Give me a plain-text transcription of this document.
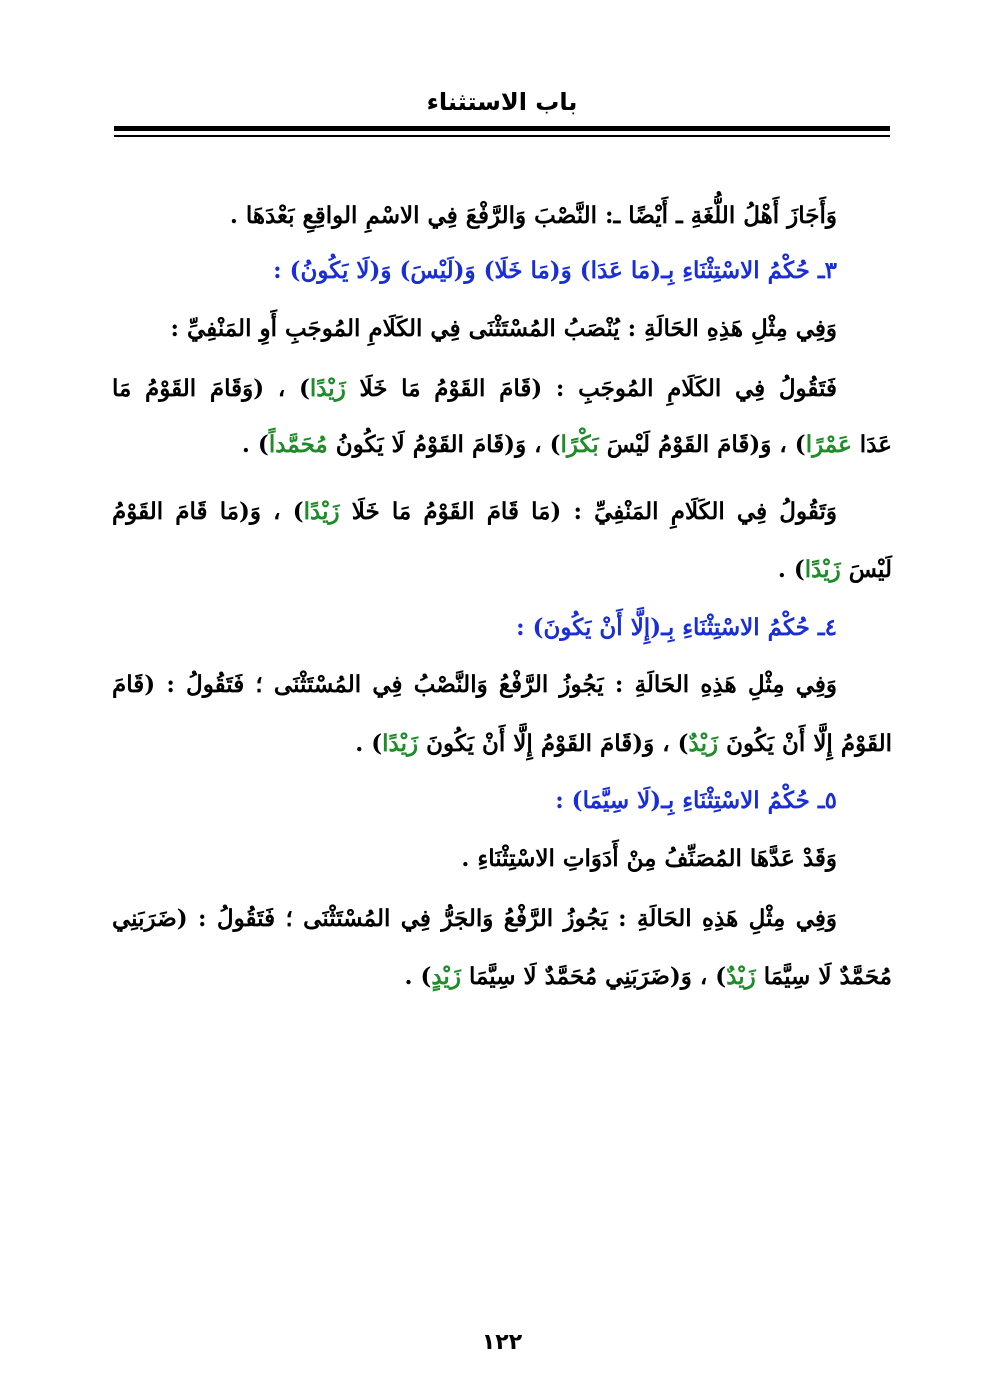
باب الاستثناء
وَأَجَازَ أَهْلُ اللُّغَةِ ـ أَيْضًا ـ: النَّصْبَ وَالرَّفْعَ فِي الاسْمِ الواقِعِ بَعْدَهَا .
٣ـ حُكْمُ الاسْتِثْنَاءِ بِـ(مَا عَدَا) وَ(مَا خَلَا) وَ(لَيْسَ) وَ(لَا يَكُونُ) :
وَفِي مِثْلِ هَذِهِ الحَالَةِ : يُنْصَبُ المُسْتَثْنَى فِي الكَلَامِ المُوجَبِ أَوِ المَنْفِيِّ :
فَتَقُولُ فِي الكَلَامِ المُوجَبِ : (قَامَ القَوْمُ مَا خَلَا زَيْدًا) ، (وَقَامَ القَوْمُ مَا
عَدَا عَمْرًا) ، وَ(قَامَ القَوْمُ لَيْسَ بَكْرًا) ، وَ(قَامَ القَوْمُ لَا يَكُونُ مُحَمَّداً) .
وَتَقُولُ فِي الكَلَامِ المَنْفِيِّ : (مَا قَامَ القَوْمُ مَا خَلَا زَيْدًا) ، وَ(مَا قَامَ القَوْمُ
لَيْسَ زَيْدًا) .
٤ـ حُكْمُ الاسْتِثْنَاءِ بِـ(إِلَّا أَنْ يَكُونَ) :
وَفِي مِثْلِ هَذِهِ الحَالَةِ : يَجُوزُ الرَّفْعُ وَالنَّصْبُ فِي المُسْتَثْنَى ؛ فَتَقُولُ : (قَامَ
القَوْمُ إِلَّا أَنْ يَكُونَ زَيْدٌ) ، وَ(قَامَ القَوْمُ إِلَّا أَنْ يَكُونَ زَيْدًا) .
٥ـ حُكْمُ الاسْتِثْنَاءِ بِـ(لَا سِيَّمَا) :
وَقَدْ عَدَّهَا المُصَنِّفُ مِنْ أَدَوَاتِ الاسْتِثْنَاءِ .
وَفِي مِثْلِ هَذِهِ الحَالَةِ : يَجُوزُ الرَّفْعُ وَالجَرُّ فِي المُسْتَثْنَى ؛ فَتَقُولُ : (ضَرَبَنِي
مُحَمَّدٌ لَا سِيَّمَا زَيْدٌ) ، وَ(ضَرَبَنِي مُحَمَّدٌ لَا سِيَّمَا زَيْدٍ) .
١٢٢
